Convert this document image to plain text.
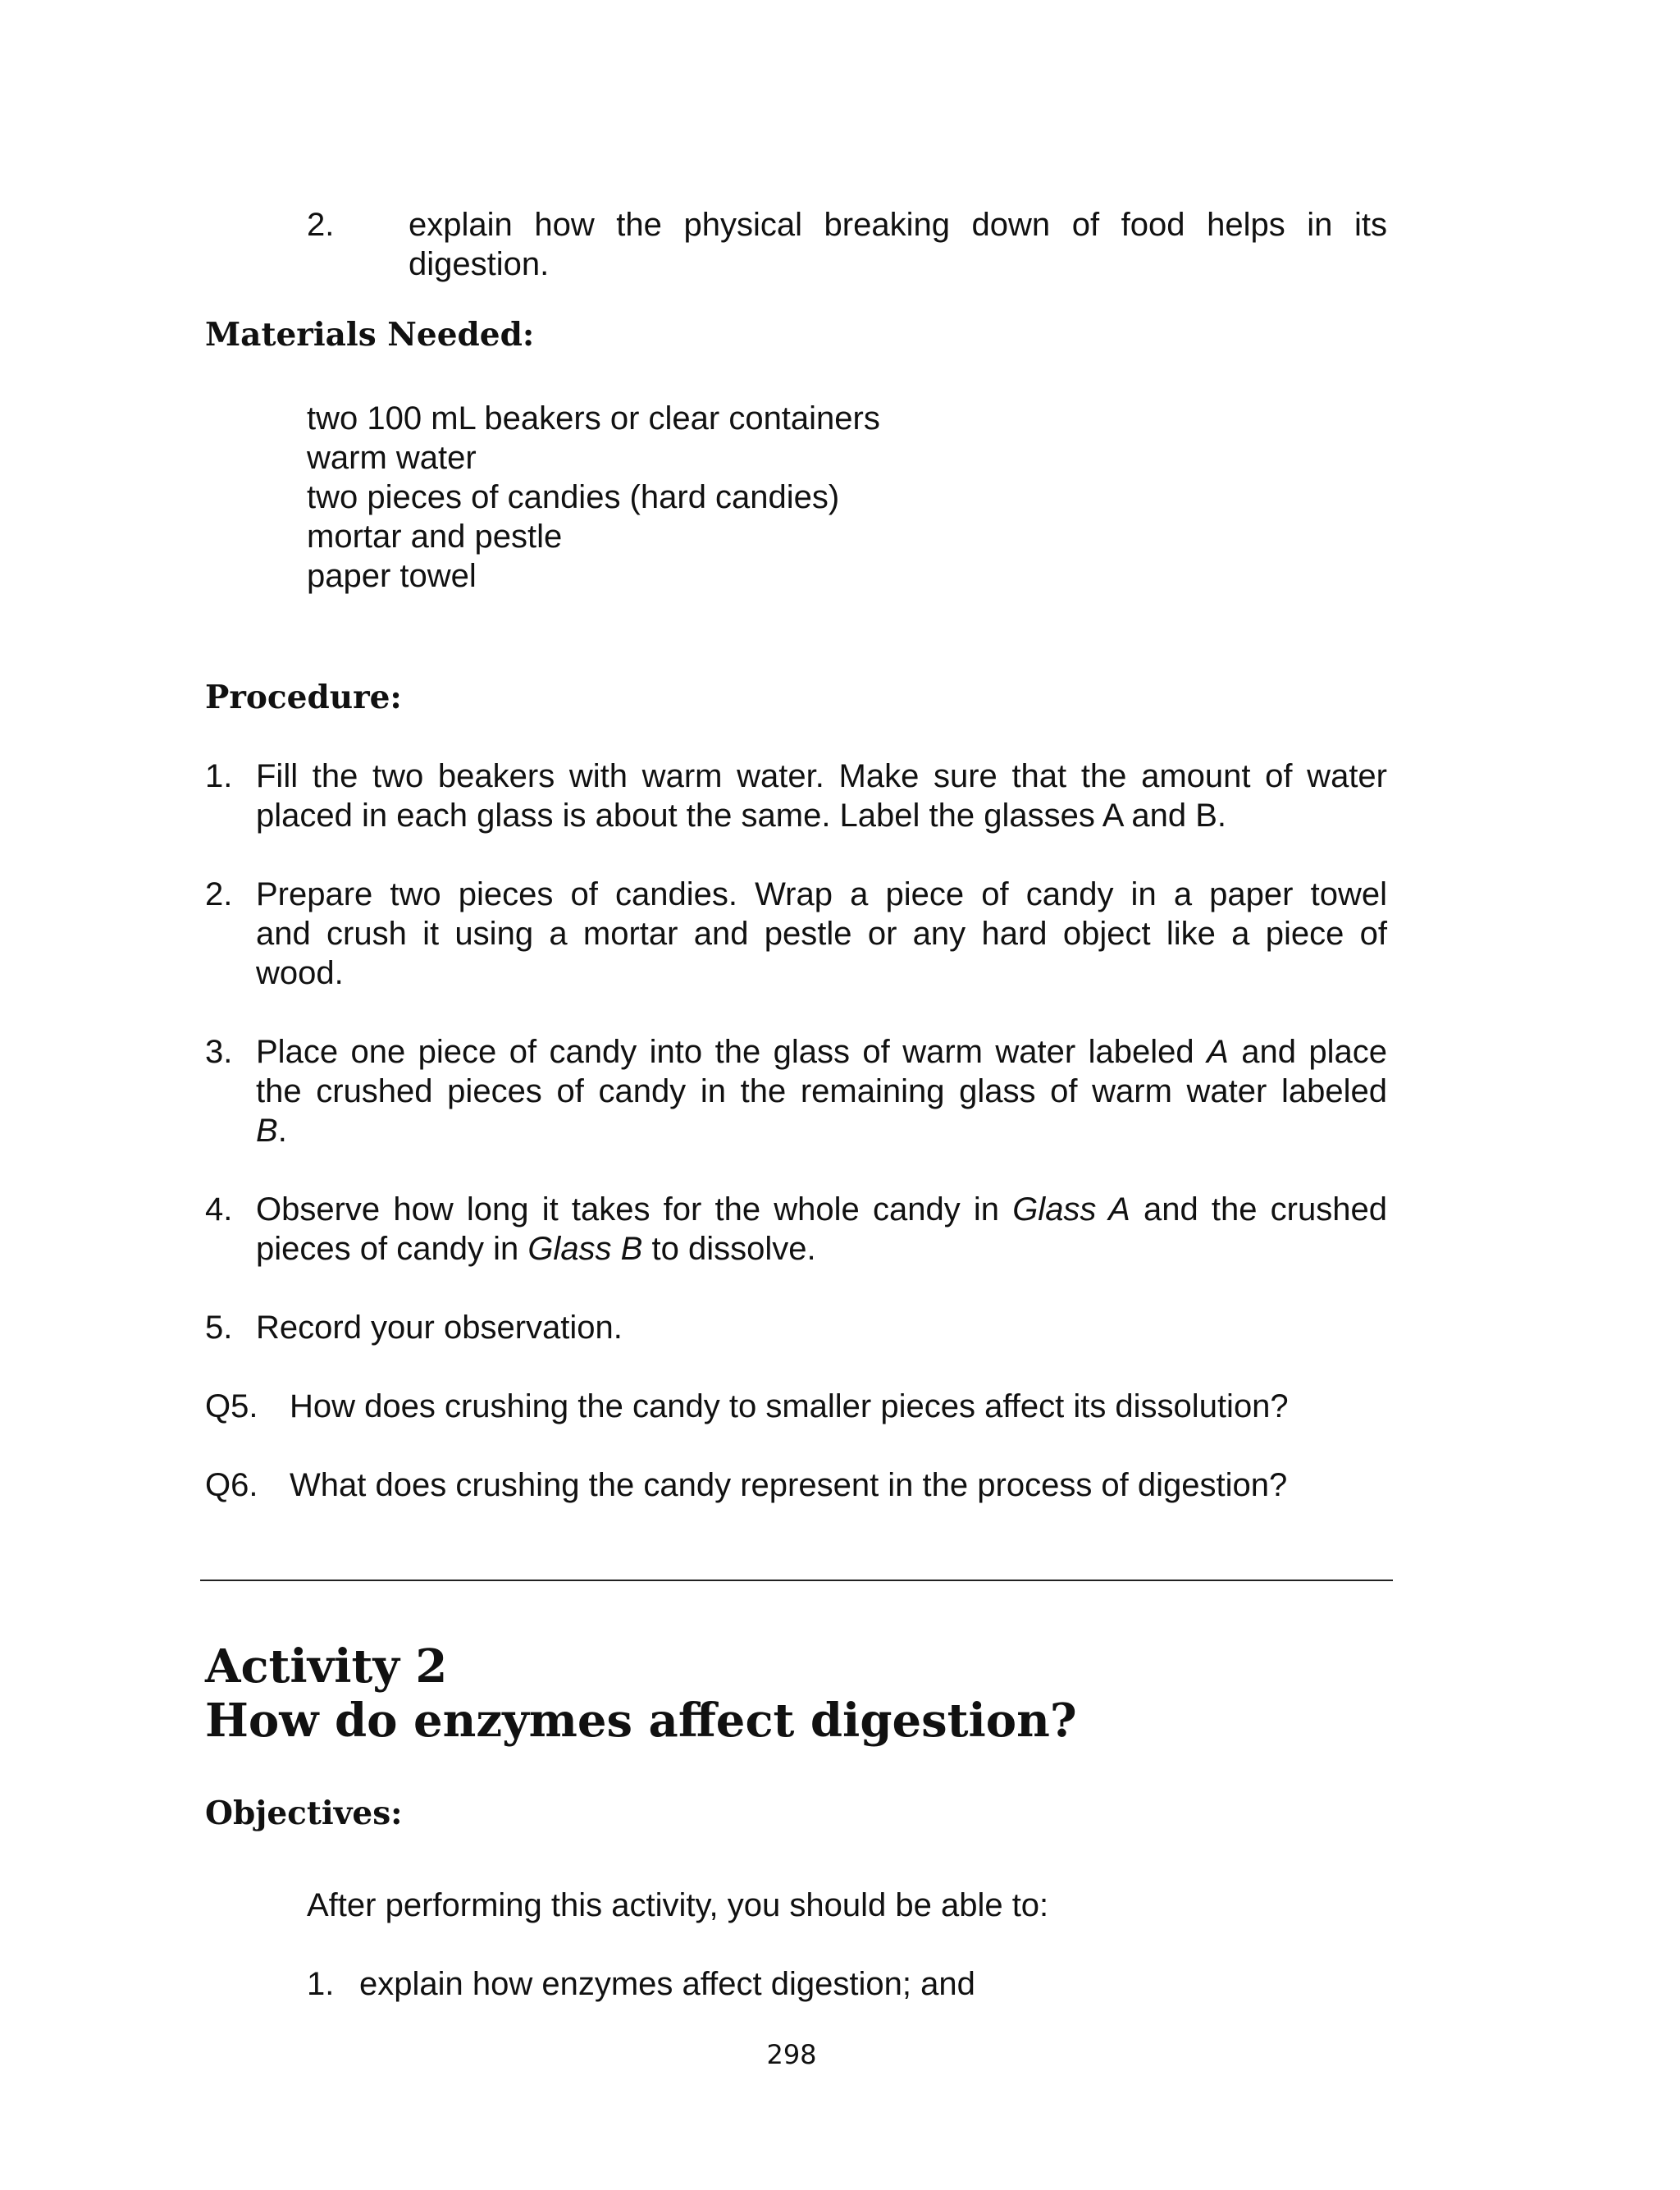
2. explain how the physical breaking down of food helps in its
digestion.
Materials Needed:
two 100 mL beakers or clear containers
warm water
two pieces of candies (hard candies)
mortar and pestle
paper towel
Procedure:
1. Fill the two beakers with warm water. Make sure that the amount of water
placed in each glass is about the same. Label the glasses A and B.
2. Prepare two pieces of candies. Wrap a piece of candy in a paper towel
and crush it using a mortar and pestle or any hard object like a piece of
wood.
3. Place one piece of candy into the glass of warm water labeled A and place
the crushed pieces of candy in the remaining glass of warm water labeled
B.
4. Observe how long it takes for the whole candy in Glass A and the crushed
pieces of candy in Glass B to dissolve.
5. Record your observation.
Q5. How does crushing the candy to smaller pieces affect its dissolution?
Q6. What does crushing the candy represent in the process of digestion?
Activity 2
How do enzymes affect digestion?
Objectives:
After performing this activity, you should be able to:
1. explain how enzymes affect digestion; and
298
